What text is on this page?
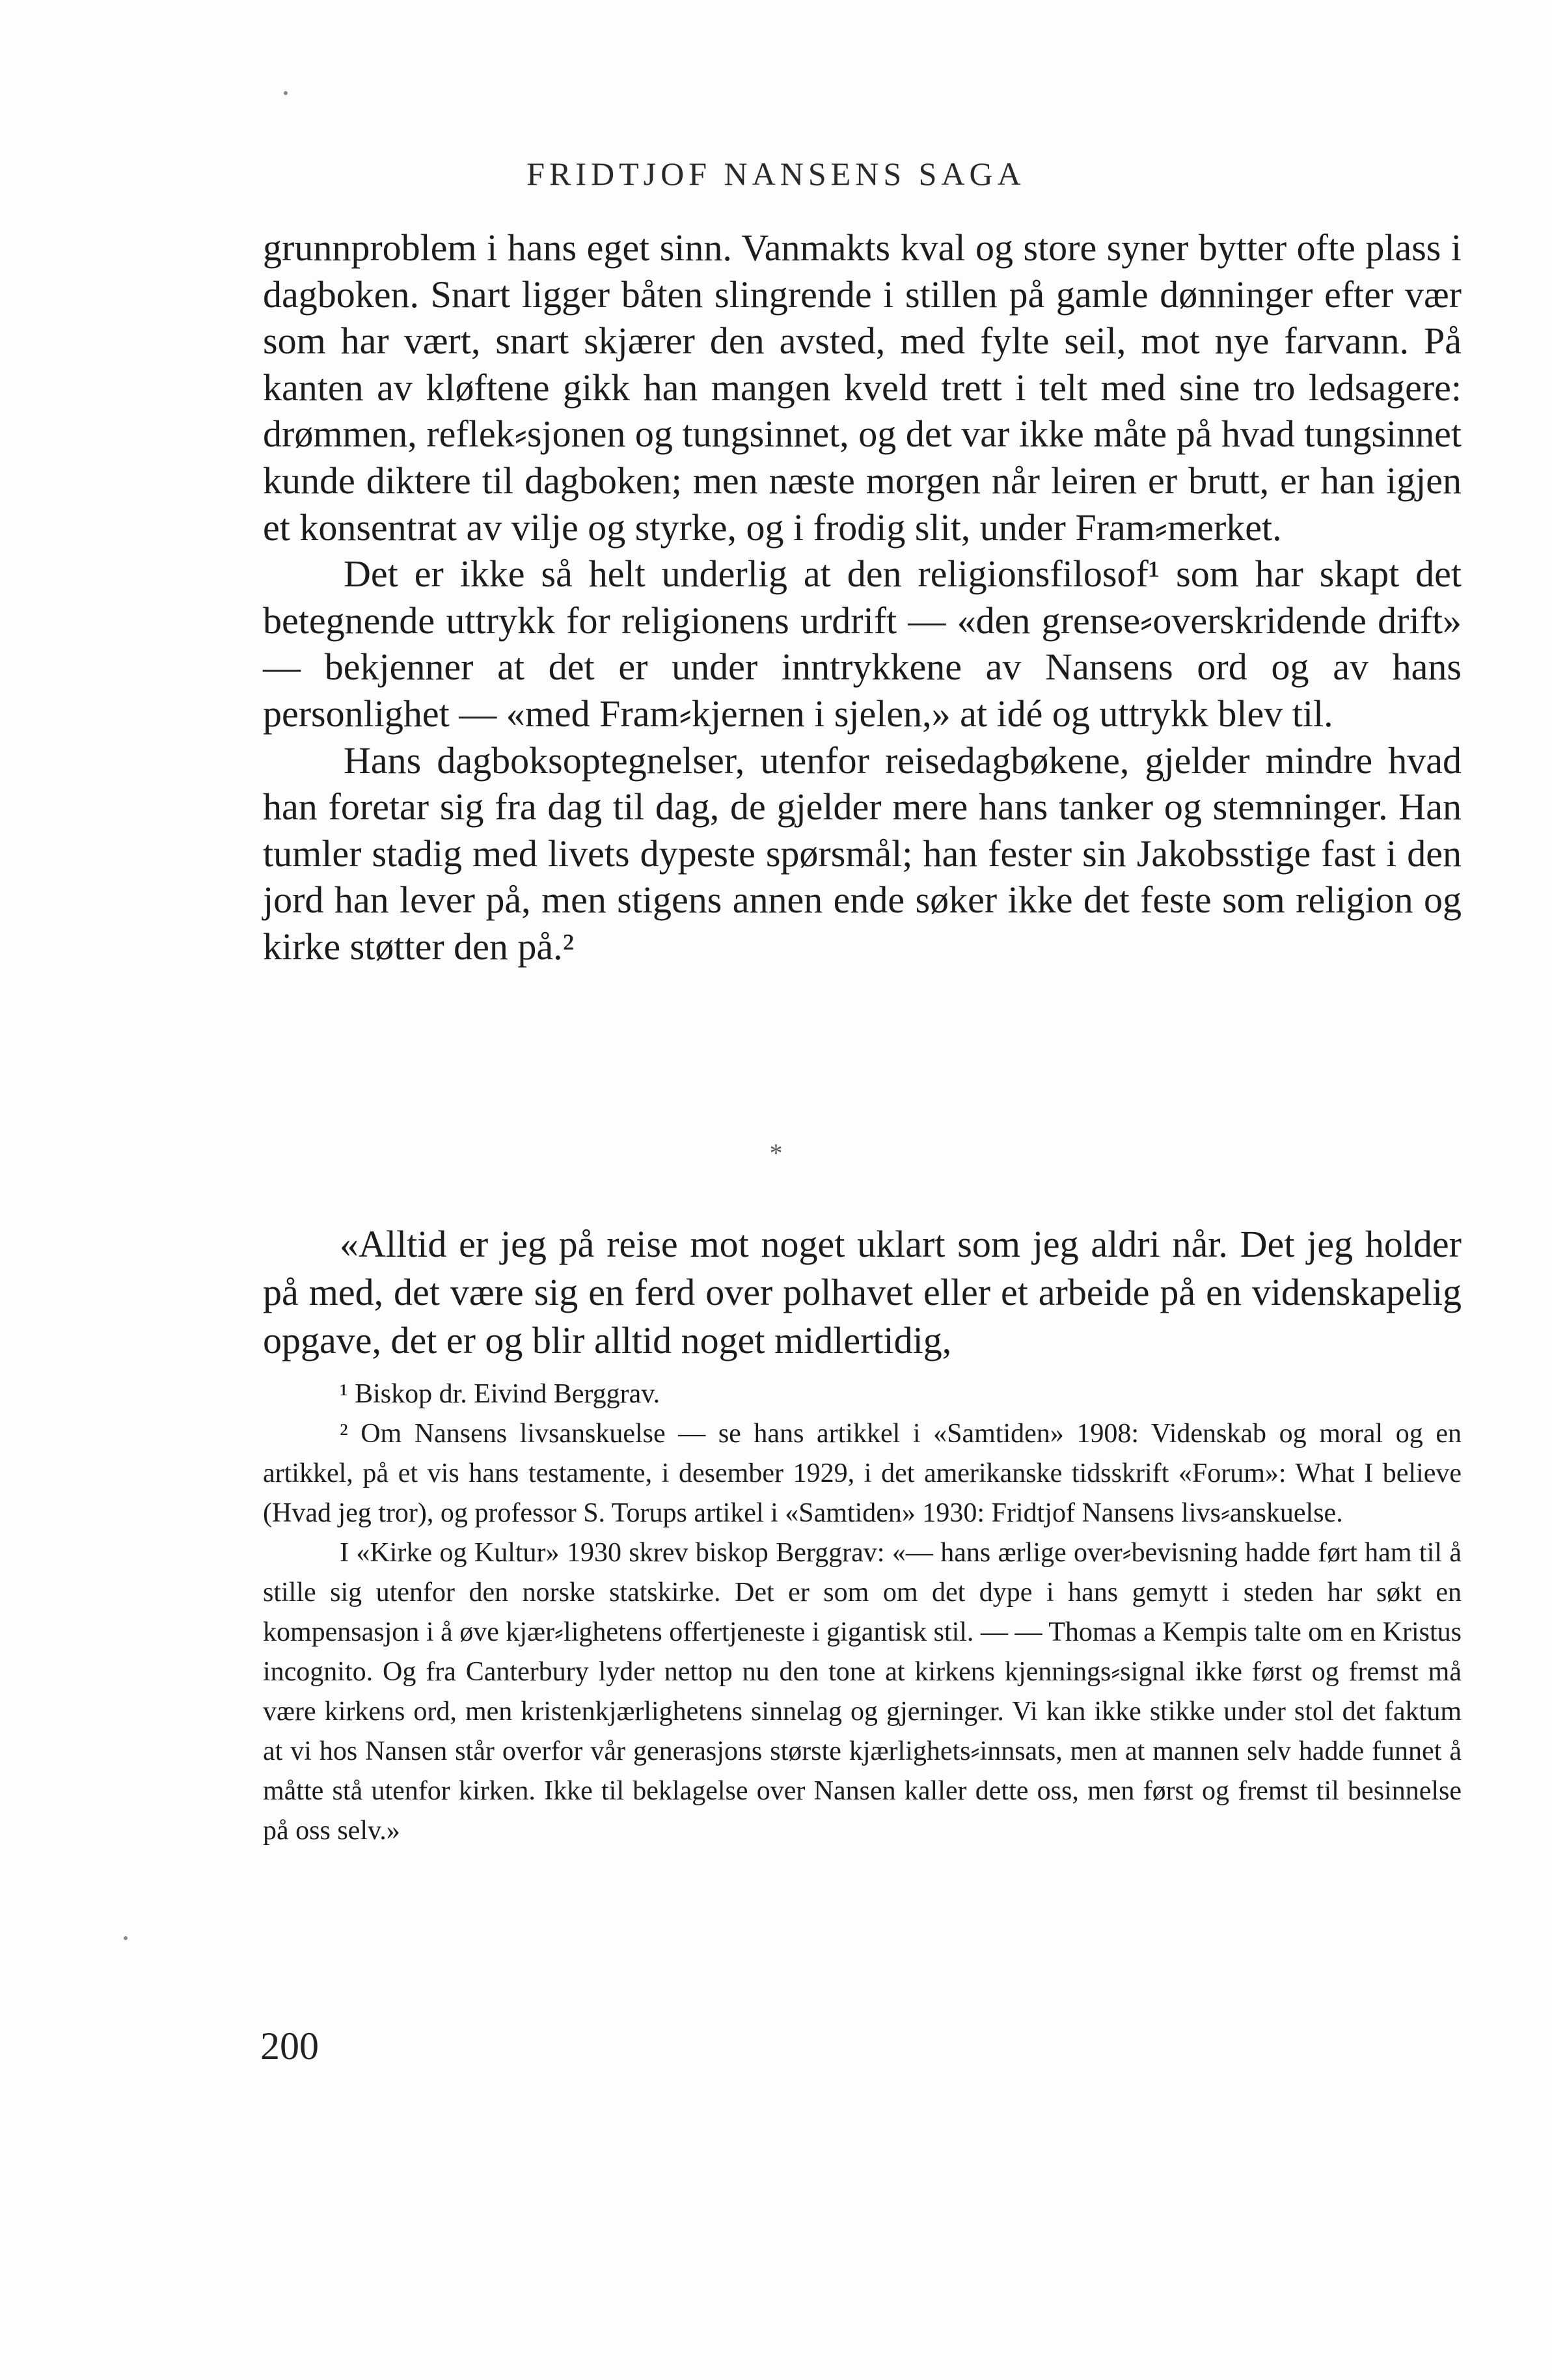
FRIDTJOF NANSENS SAGA

grunnproblem i hans eget sinn. Vanmakts kval og store syner bytter ofte plass i dagboken. Snart ligger båten slingrende i stillen på gamle dønninger efter vær som har vært, snart skjærer den avsted, med fylte seil, mot nye farvann. På kanten av kløftene gikk han mangen kveld trett i telt med sine tro ledsagere: drømmen, reflek⸗sjonen og tungsinnet, og det var ikke måte på hvad tungsinnet kunde diktere til dagboken; men næste morgen når leiren er brutt, er han igjen et konsentrat av vilje og styrke, og i frodig slit, under Fram⸗merket.

Det er ikke så helt underlig at den religionsfilosof¹ som har skapt det betegnende uttrykk for religionens urdrift — «den grense⸗overskridende drift» — bekjenner at det er under inntrykkene av Nansens ord og av hans personlighet — «med Fram⸗kjernen i sjelen,» at idé og uttrykk blev til.

Hans dagboksoptegnelser, utenfor reisedagbøkene, gjelder mindre hvad han foretar sig fra dag til dag, de gjelder mere hans tanker og stemninger. Han tumler stadig med livets dypeste spørsmål; han fester sin Jakobsstige fast i den jord han lever på, men stigens annen ende søker ikke det feste som religion og kirke støtter den på.²

*

«Alltid er jeg på reise mot noget uklart som jeg aldri når. Det jeg holder på med, det være sig en ferd over polhavet eller et arbeide på en videnskapelig opgave, det er og blir alltid noget midlertidig,

¹ Biskop dr. Eivind Berggrav.

² Om Nansens livsanskuelse — se hans artikkel i «Samtiden» 1908: Videnskab og moral og en artikkel, på et vis hans testamente, i desember 1929, i det amerikanske tidsskrift «Forum»: What I believe (Hvad jeg tror), og professor S. Torups artikel i «Samtiden» 1930: Fridtjof Nansens livs⸗anskuelse.

I «Kirke og Kultur» 1930 skrev biskop Berggrav: «— hans ærlige over⸗bevisning hadde ført ham til å stille sig utenfor den norske statskirke. Det er som om det dype i hans gemytt i steden har søkt en kompensasjon i å øve kjær⸗lighetens offertjeneste i gigantisk stil. — — Thomas a Kempis talte om en Kristus incognito. Og fra Canterbury lyder nettop nu den tone at kirkens kjennings⸗signal ikke først og fremst må være kirkens ord, men kristenkjærlighetens sinnelag og gjerninger. Vi kan ikke stikke under stol det faktum at vi hos Nansen står overfor vår generasjons største kjærlighets⸗innsats, men at mannen selv hadde funnet å måtte stå utenfor kirken. Ikke til beklagelse over Nansen kaller dette oss, men først og fremst til besinnelse på oss selv.»

200
